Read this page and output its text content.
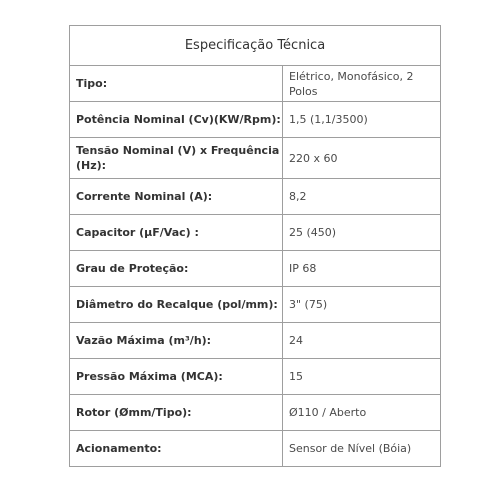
Especificação Técnica	
Tipo:	Elétrico, Monofásico, 2 Polos
Potência Nominal (Cv)(KW/Rpm):	1,5 (1,1/3500)
Tensão Nominal (V) x Frequência (Hz):	220 x 60
Corrente Nominal (A):	8,2
Capacitor (µF/Vac) :	25 (450)
Grau de Proteção:	IP 68
Diâmetro do Recalque (pol/mm):	3" (75)
Vazão Máxima (m³/h):	24
Pressão Máxima (MCA):	15
Rotor (Ømm/Tipo):	Ø110 / Aberto
Acionamento:	Sensor de Nível (Bóia)
